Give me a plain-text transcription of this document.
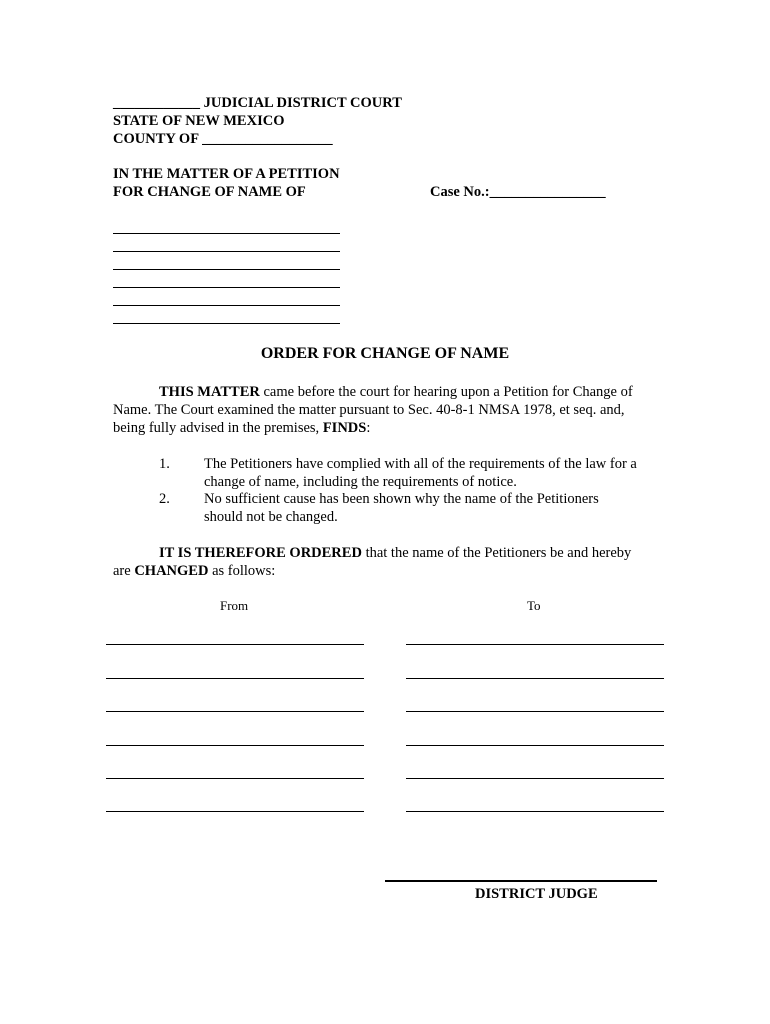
____________ JUDICIAL DISTRICT COURT
STATE OF NEW MEXICO
COUNTY OF __________________
IN THE MATTER OF A PETITION
FOR CHANGE OF NAME OF	Case No.:________________
ORDER FOR CHANGE OF NAME
THIS MATTER came before the court for hearing upon a Petition for Change of
Name. The Court examined the matter pursuant to Sec. 40-8-1 NMSA 1978, et seq. and,
being fully advised in the premises, FINDS:
1. The Petitioners have complied with all of the requirements of the law for a
change of name, including the requirements of notice.
2. No sufficient cause has been shown why the name of the Petitioners
should not be changed.
IT IS THEREFORE ORDERED that the name of the Petitioners be and hereby
are CHANGED as follows:
From	To
DISTRICT JUDGE
